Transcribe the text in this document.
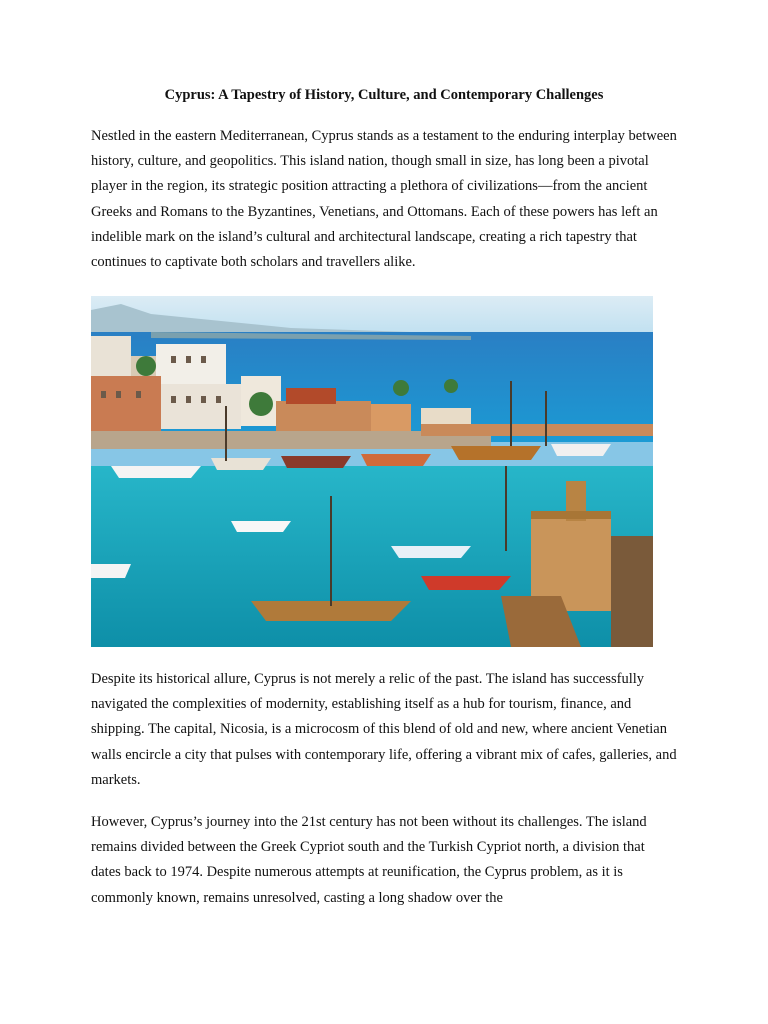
Cyprus: A Tapestry of History, Culture, and Contemporary Challenges

Nestled in the eastern Mediterranean, Cyprus stands as a testament to the enduring interplay between history, culture, and geopolitics. This island nation, though small in size, has long been a pivotal player in the region, its strategic position attracting a plethora of civilizations—from the ancient Greeks and Romans to the Byzantines, Venetians, and Ottomans. Each of these powers has left an indelible mark on the island’s cultural and architectural landscape, creating a rich tapestry that continues to captivate both scholars and travellers alike.

Despite its historical allure, Cyprus is not merely a relic of the past. The island has successfully navigated the complexities of modernity, establishing itself as a hub for tourism, finance, and shipping. The capital, Nicosia, is a microcosm of this blend of old and new, where ancient Venetian walls encircle a city that pulses with contemporary life, offering a vibrant mix of cafes, galleries, and markets.

However, Cyprus’s journey into the 21st century has not been without its challenges. The island remains divided between the Greek Cypriot south and the Turkish Cypriot north, a division that dates back to 1974. Despite numerous attempts at reunification, the Cyprus problem, as it is commonly known, remains unresolved, casting a long shadow over the
